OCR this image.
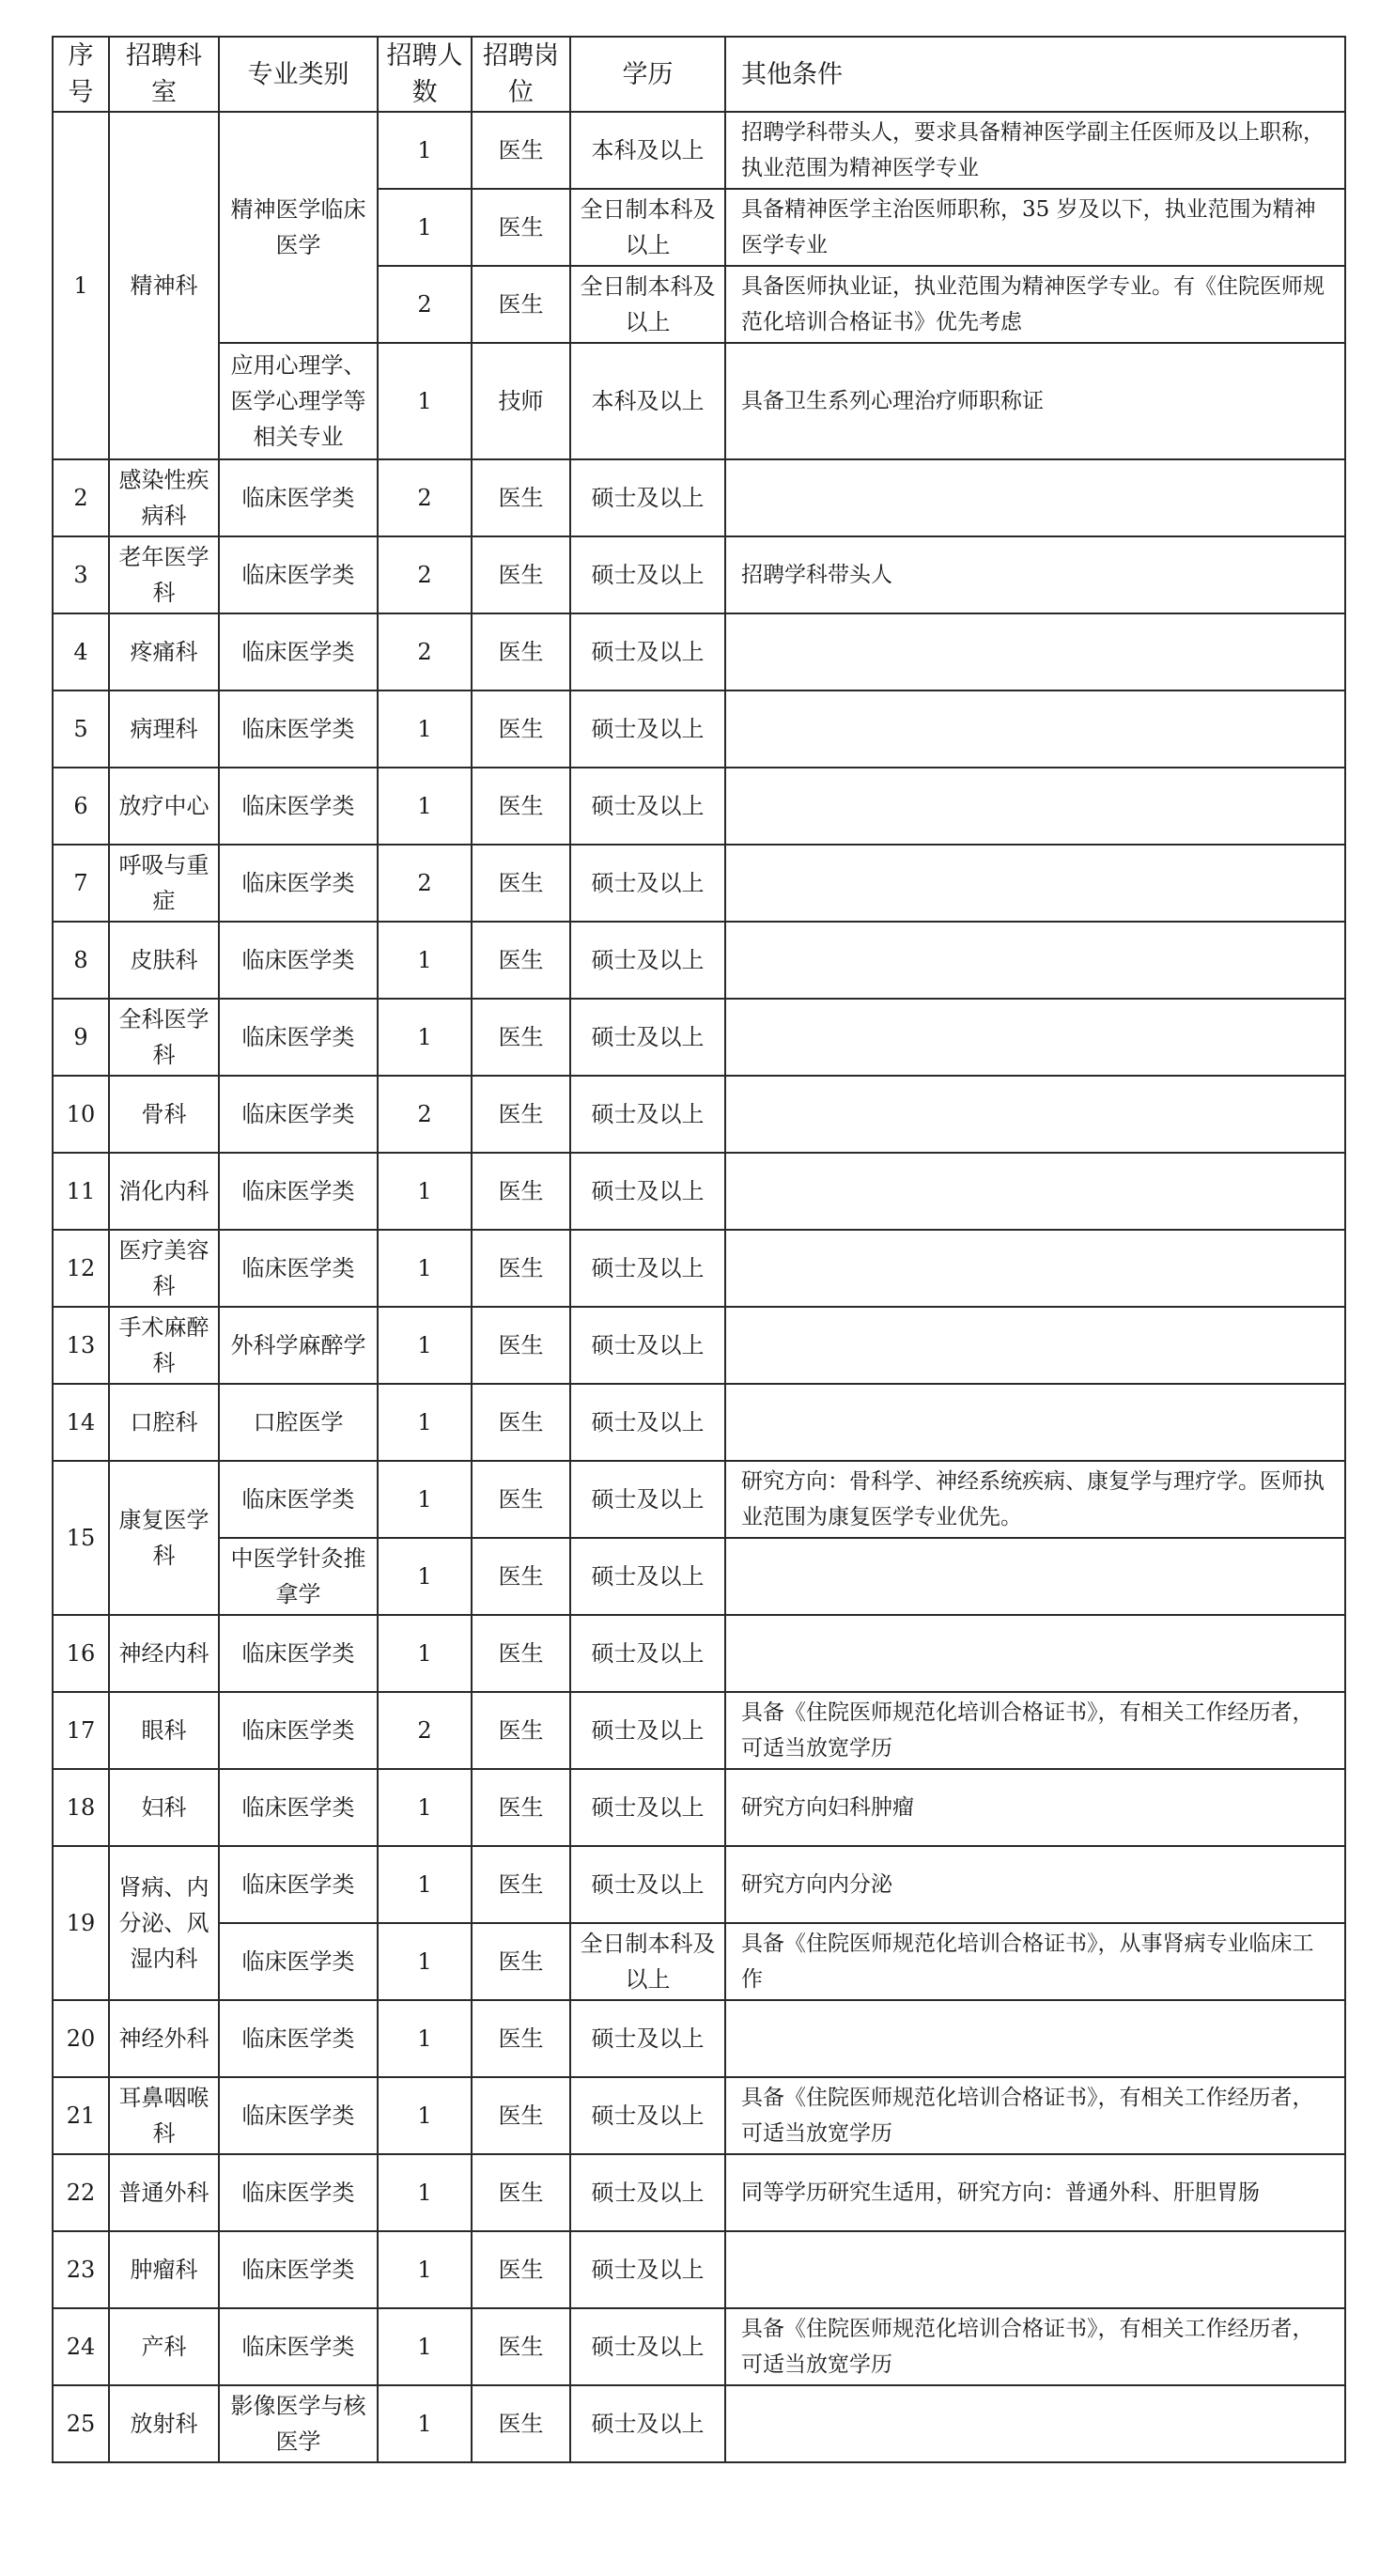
序号	招聘科室	专业类别	招聘人数	招聘岗位	学历	其他条件
1	精神科	精神医学临床医学	1	医生	本科及以上	招聘学科带头人，要求具备精神医学副主任医师及以上职称，执业范围为精神医学专业
			1	医生	全日制本科及以上	具备精神医学主治医师职称，35 岁及以下，执业范围为精神医学专业
			2	医生	全日制本科及以上	具备医师执业证，执业范围为精神医学专业。有《住院医师规范化培训合格证书》优先考虑
		应用心理学、医学心理学等相关专业	1	技师	本科及以上	具备卫生系列心理治疗师职称证
2	感染性疾病科	临床医学类	2	医生	硕士及以上	
3	老年医学科	临床医学类	2	医生	硕士及以上	招聘学科带头人
4	疼痛科	临床医学类	2	医生	硕士及以上	
5	病理科	临床医学类	1	医生	硕士及以上	
6	放疗中心	临床医学类	1	医生	硕士及以上	
7	呼吸与重症	临床医学类	2	医生	硕士及以上	
8	皮肤科	临床医学类	1	医生	硕士及以上	
9	全科医学科	临床医学类	1	医生	硕士及以上	
10	骨科	临床医学类	2	医生	硕士及以上	
11	消化内科	临床医学类	1	医生	硕士及以上	
12	医疗美容科	临床医学类	1	医生	硕士及以上	
13	手术麻醉科	外科学麻醉学	1	医生	硕士及以上	
14	口腔科	口腔医学	1	医生	硕士及以上	
15	康复医学科	临床医学类	1	医生	硕士及以上	研究方向：骨科学、神经系统疾病、康复学与理疗学。医师执业范围为康复医学专业优先。
		中医学针灸推拿学	1	医生	硕士及以上	
16	神经内科	临床医学类	1	医生	硕士及以上	
17	眼科	临床医学类	2	医生	硕士及以上	具备《住院医师规范化培训合格证书》，有相关工作经历者，可适当放宽学历
18	妇科	临床医学类	1	医生	硕士及以上	研究方向妇科肿瘤
19	肾病、内分泌、风湿内科	临床医学类	1	医生	硕士及以上	研究方向内分泌
		临床医学类	1	医生	全日制本科及以上	具备《住院医师规范化培训合格证书》，从事肾病专业临床工作
20	神经外科	临床医学类	1	医生	硕士及以上	
21	耳鼻咽喉科	临床医学类	1	医生	硕士及以上	具备《住院医师规范化培训合格证书》，有相关工作经历者，可适当放宽学历
22	普通外科	临床医学类	1	医生	硕士及以上	同等学历研究生适用，研究方向：普通外科、肝胆胃肠
23	肿瘤科	临床医学类	1	医生	硕士及以上	
24	产科	临床医学类	1	医生	硕士及以上	具备《住院医师规范化培训合格证书》，有相关工作经历者，可适当放宽学历
25	放射科	影像医学与核医学	1	医生	硕士及以上	
